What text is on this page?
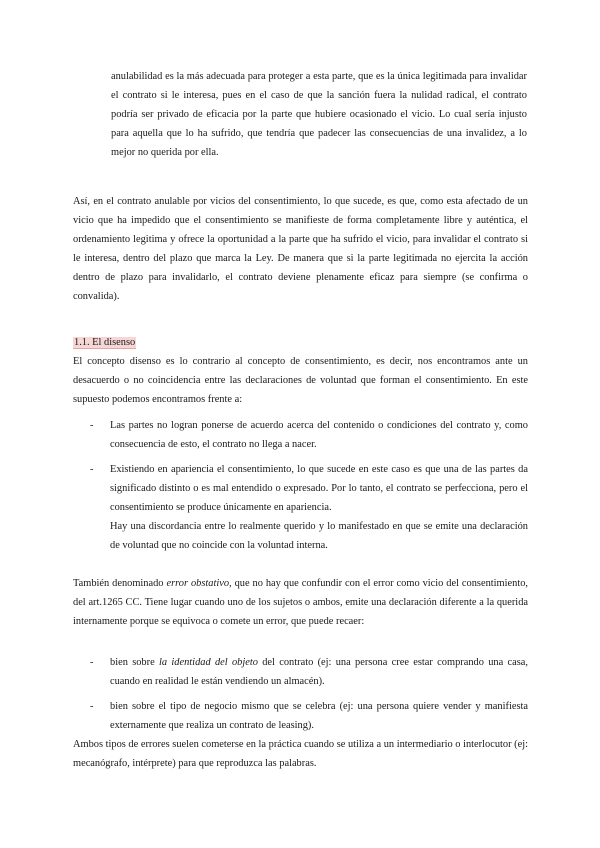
anulabilidad es la más adecuada para proteger a esta parte, que es la única legitimada para invalidar el contrato si le interesa, pues en el caso de que la sanción fuera la nulidad radical, el contrato podría ser privado de eficacia por la parte que hubiere ocasionado el vicio. Lo cual sería injusto para aquella que lo ha sufrido, que tendría que padecer las consecuencias de una invalidez, a lo mejor no querida por ella.

Así, en el contrato anulable por vicios del consentimiento, lo que sucede, es que, como esta afectado de un vicio que ha impedido que el consentimiento se manifieste de forma completamente libre y auténtica, el ordenamiento legitima y ofrece la oportunidad a la parte que ha sufrido el vicio, para invalidar el contrato si le interesa, dentro del plazo que marca la Ley. De manera que si la parte legitimada no ejercita la acción dentro de plazo para invalidarlo, el contrato deviene plenamente eficaz para siempre (se confirma o convalida).

1.1. El disenso

El concepto disenso es lo contrario al concepto de consentimiento, es decir, nos encontramos ante un desacuerdo o no coincidencia entre las declaraciones de voluntad que forman el consentimiento. En este supuesto podemos encontramos frente a:

- Las partes no logran ponerse de acuerdo acerca del contenido o condiciones del contrato y, como consecuencia de esto, el contrato no llega a nacer.

- Existiendo en apariencia el consentimiento, lo que sucede en este caso es que una de las partes da significado distinto o es mal entendido o expresado. Por lo tanto, el contrato se perfecciona, pero el consentimiento se produce únicamente en apariencia.

Hay una discordancia entre lo realmente querido y lo manifestado en que se emite una declaración de voluntad que no coincide con la voluntad interna.

También denominado error obstativo, que no hay que confundir con el error como vicio del consentimiento, del art.1265 CC. Tiene lugar cuando uno de los sujetos o ambos, emite una declaración diferente a la querida internamente porque se equivoca o comete un error, que puede recaer:

- bien sobre la identidad del objeto del contrato (ej: una persona cree estar comprando una casa, cuando en realidad le están vendiendo un almacén).

- bien sobre el tipo de negocio mismo que se celebra (ej: una persona quiere vender y manifiesta externamente que realiza un contrato de leasing).

Ambos tipos de errores suelen cometerse en la práctica cuando se utiliza a un intermediario o interlocutor (ej: mecanógrafo, intérprete) para que reproduzca las palabras.
